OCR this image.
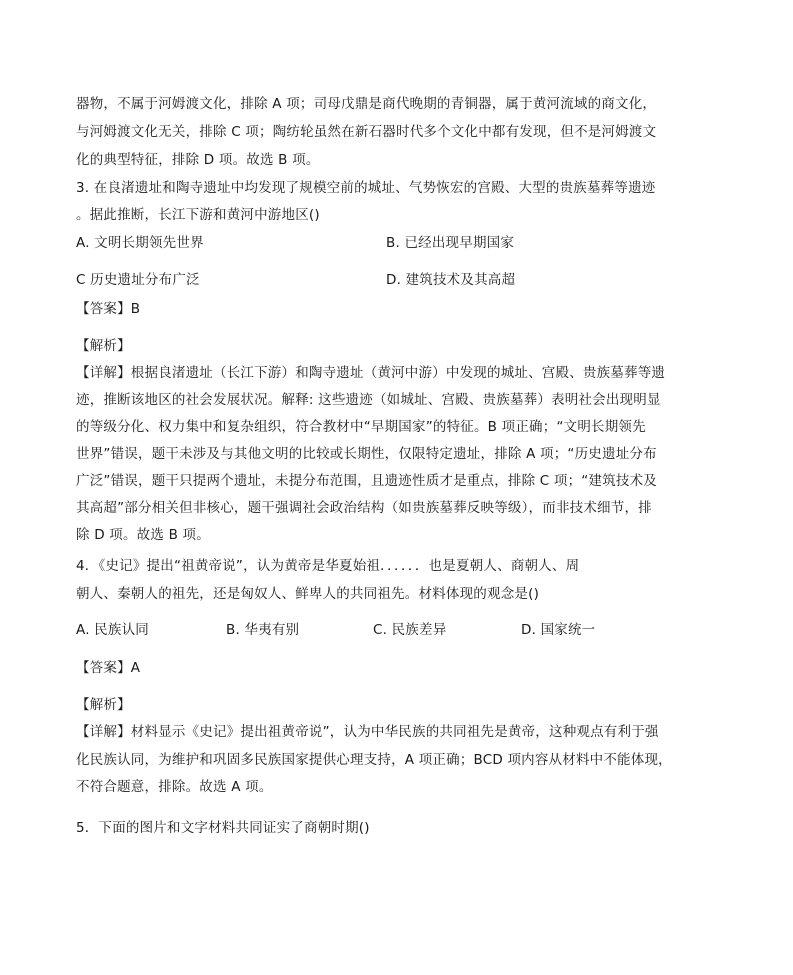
器物，不属于河姆渡文化，排除 A 项；司母戊鼎是商代晚期的青铜器，属于黄河流域的商文化，
与河姆渡文化无关，排除 C 项；陶纺轮虽然在新石器时代多个文化中都有发现，但不是河姆渡文
化的典型特征，排除 D 项。故选 B 项。
3. 在良渚遗址和陶寺遗址中均发现了规模空前的城址、气势恢宏的宫殿、大型的贵族墓葬等遗迹
。据此推断，长江下游和黄河中游地区()
A. 文明长期领先世界	B. 已经出现早期国家
C 历史遗址分布广泛	D. 建筑技术及其高超
【答案】B
【解析】
【详解】根据良渚遗址（长江下游）和陶寺遗址（黄河中游）中发现的城址、宫殿、贵族墓葬等遗
迹，推断该地区的社会发展状况。解释: 这些遗迹（如城址、宫殿、贵族墓葬）表明社会出现明显
的等级分化、权力集中和复杂组织，符合教材中“早期国家”的特征。B 项正确；“文明长期领先
世界”错误，题干未涉及与其他文明的比较或长期性，仅限特定遗址，排除 A 项；“历史遗址分布
广泛”错误，题干只提两个遗址，未提分布范围，且遗迹性质才是重点，排除 C 项；“建筑技术及
其高超”部分相关但非核心，题干强调社会政治结构（如贵族墓葬反映等级），而非技术细节，排
除 D 项。故选 B 项。
4．《史记》提出“祖黄帝说”，认为黄帝是华夏始祖．．．．．．也是夏朝人、商朝人、周
朝人、秦朝人的祖先，还是匈奴人、鲜卑人的共同祖先。材料体现的观念是()
A. 民族认同	B. 华夷有别	C. 民族差异	D. 国家统一
【答案】A
【解析】
【详解】材料显示《史记》提出祖黄帝说”，认为中华民族的共同祖先是黄帝，这种观点有利于强
化民族认同，为维护和巩固多民族国家提供心理支持，A 项正确；BCD 项内容从材料中不能体现，
不符合题意，排除。故选 A 项。
5．下面的图片和文字材料共同证实了商朝时期()
